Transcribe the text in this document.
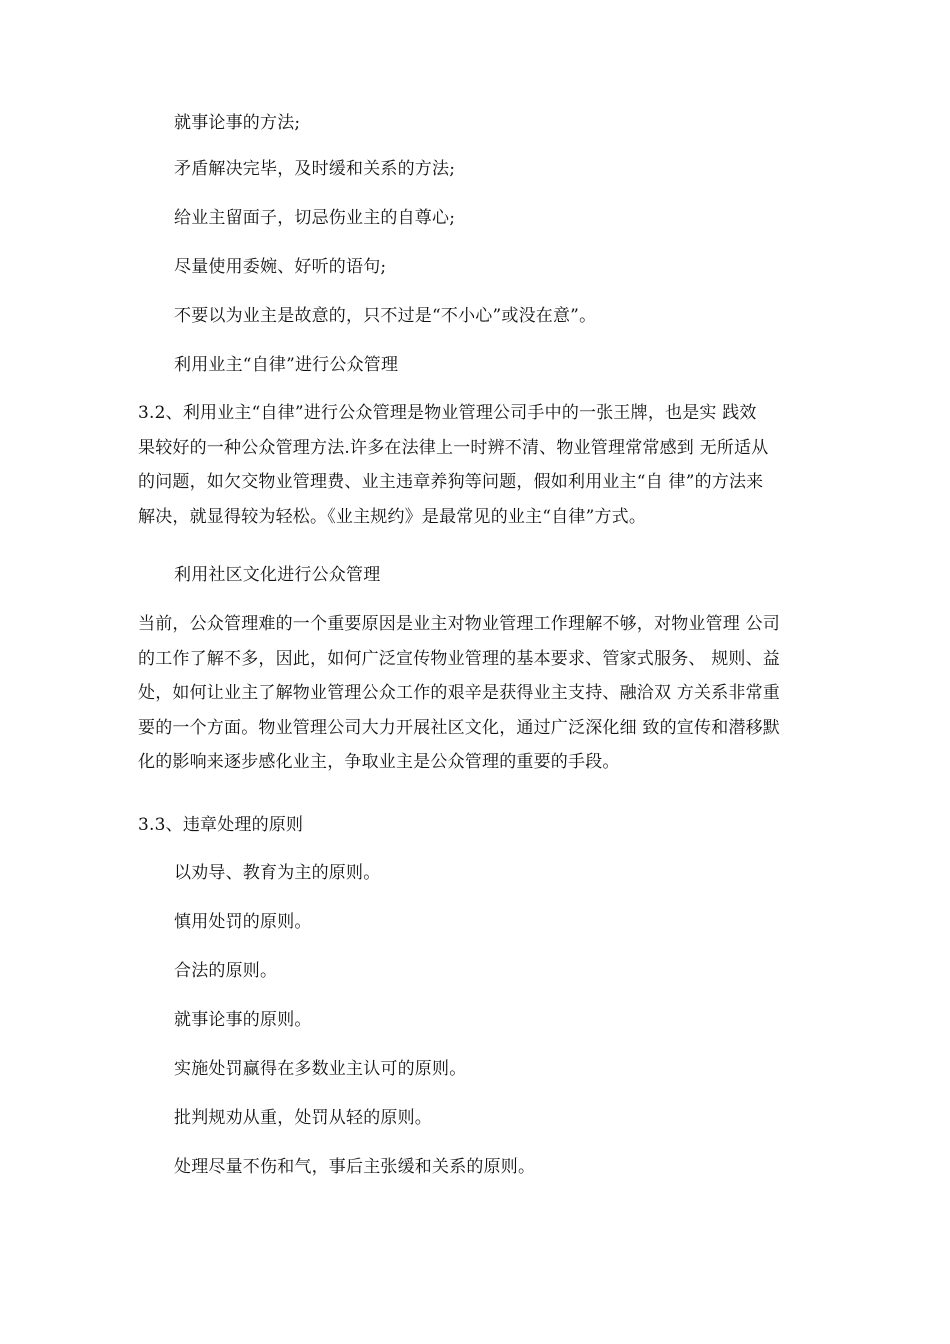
就事论事的方法;
矛盾解决完毕，及时缓和关系的方法;
给业主留面子，切忌伤业主的自尊心;
尽量使用委婉、好听的语句;
不要以为业主是故意的，只不过是“不小心”或没在意”。
利用业主“自律”进行公众管理
3.2、利用业主“自律”进行公众管理是物业管理公司手中的一张王牌，也是实 践效
果较好的一种公众管理方法.许多在法律上一时辨不清、物业管理常常感到 无所适从
的问题，如欠交物业管理费、业主违章养狗等问题，假如利用业主“自 律”的方法来
解决，就显得较为轻松。《业主规约》是最常见的业主“自律”方式。
利用社区文化进行公众管理
当前，公众管理难的一个重要原因是业主对物业管理工作理解不够，对物业管理 公司
的工作了解不多，因此，如何广泛宣传物业管理的基本要求、管家式服务、 规则、益
处，如何让业主了解物业管理公众工作的艰辛是获得业主支持、融洽双 方关系非常重
要的一个方面。物业管理公司大力开展社区文化，通过广泛深化细 致的宣传和潜移默
化的影响来逐步感化业主，争取业主是公众管理的重要的手段。
3.3、违章处理的原则
以劝导、教育为主的原则。
慎用处罚的原则。
合法的原则。
就事论事的原则。
实施处罚赢得在多数业主认可的原则。
批判规劝从重，处罚从轻的原则。
处理尽量不伤和气，事后主张缓和关系的原则。
